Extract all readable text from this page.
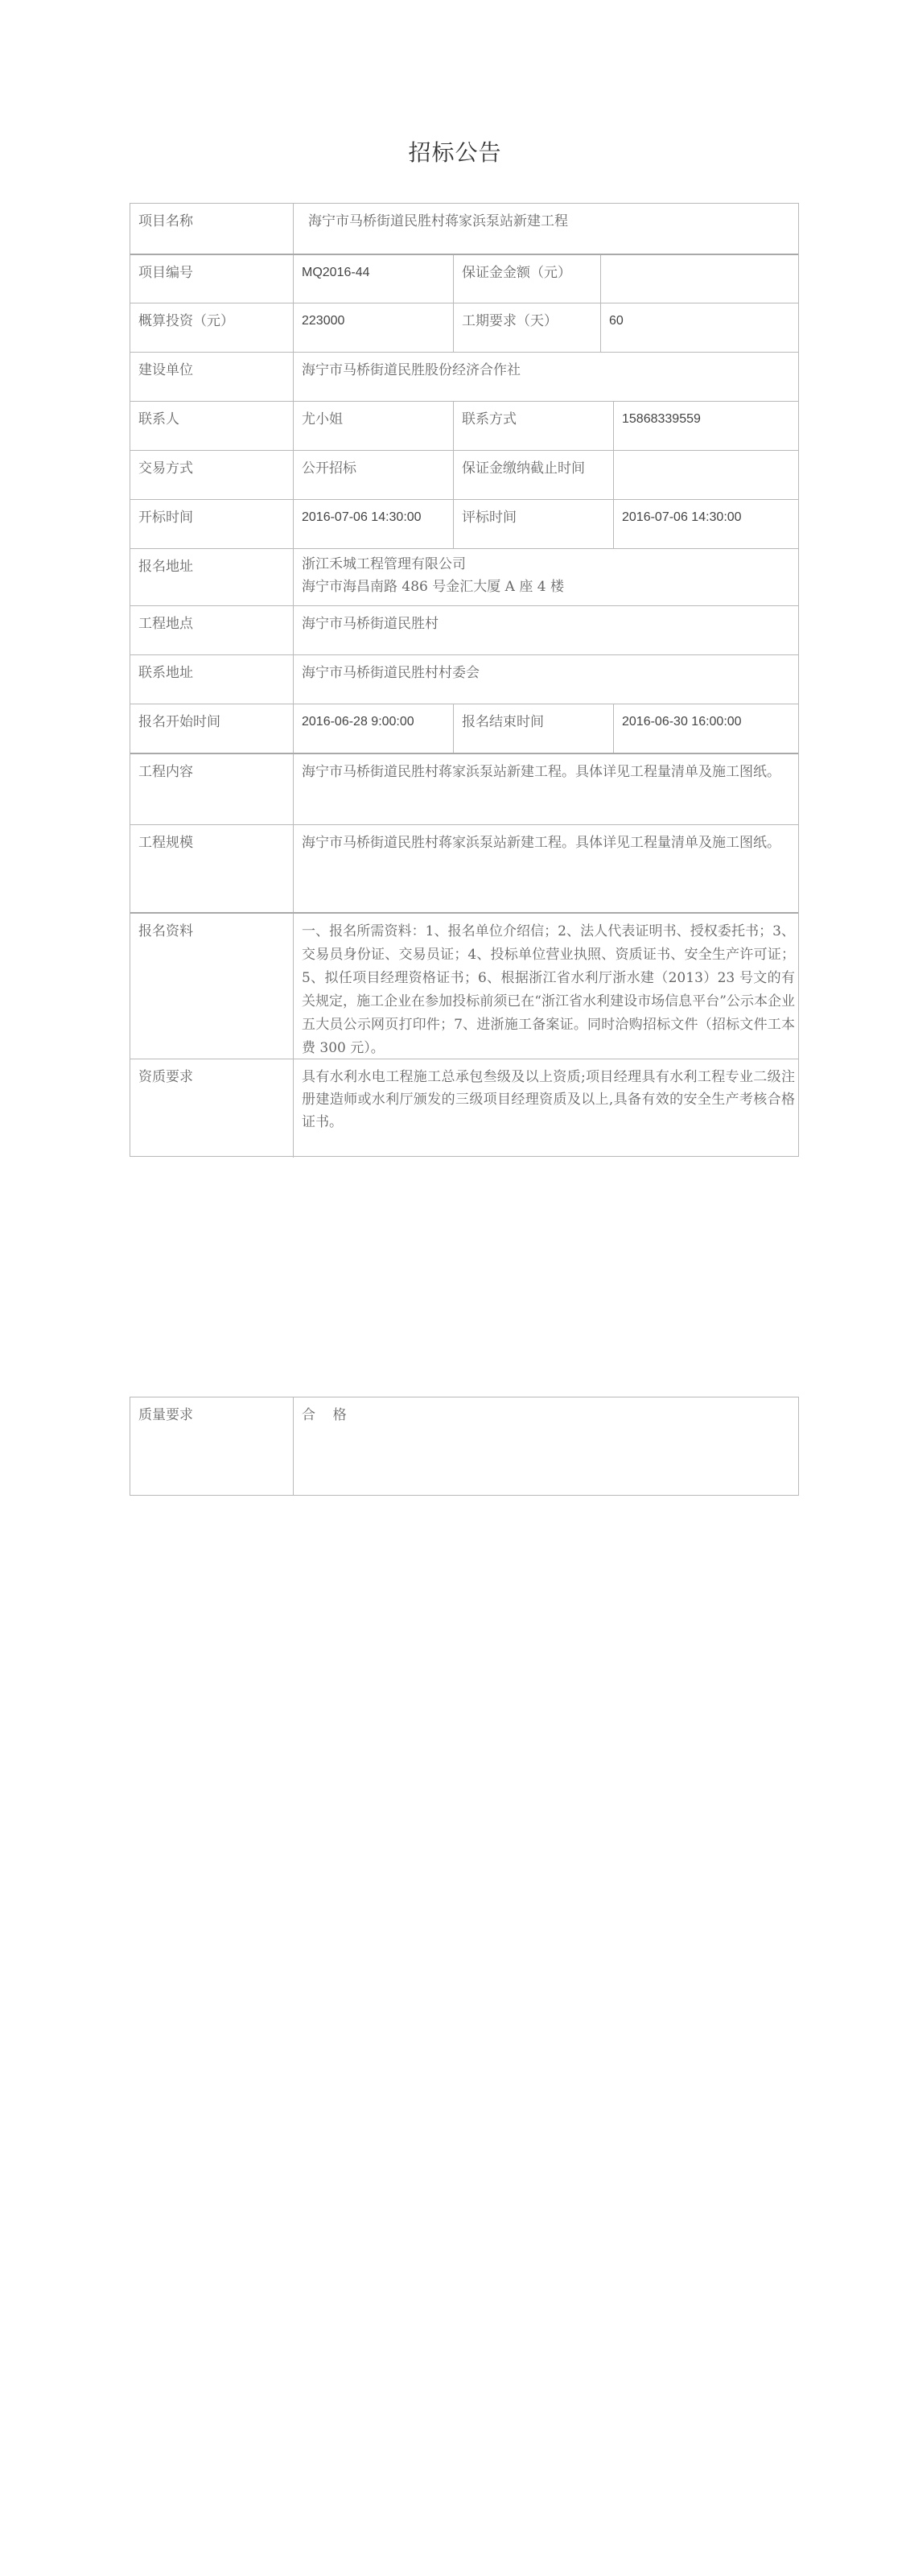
招标公告
项目名称	海宁市马桥街道民胜村蒋家浜泵站新建工程
项目编号	MQ2016-44	保证金金额（元）
概算投资（元）	223000	工期要求（天）	60
建设单位	海宁市马桥街道民胜股份经济合作社
联系人	尤小姐	联系方式	15868339559
交易方式	公开招标	保证金缴纳截止时间
开标时间	2016-07-06 14:30:00	评标时间	2016-07-06 14:30:00
报名地址	浙江禾城工程管理有限公司
海宁市海昌南路 486 号金汇大厦 A 座 4 楼
工程地点	海宁市马桥街道民胜村
联系地址	海宁市马桥街道民胜村村委会
报名开始时间	2016-06-28 9:00:00	报名结束时间	2016-06-30 16:00:00
工程内容	海宁市马桥街道民胜村蒋家浜泵站新建工程。具体详见工程量清单及施工图纸。
工程规模	海宁市马桥街道民胜村蒋家浜泵站新建工程。具体详见工程量清单及施工图纸。
报名资料	一、报名所需资料：1、报名单位介绍信；2、法人代表证明书、授权委托书；3、交易员身份证、交易员证；4、投标单位营业执照、资质证书、安全生产许可证；5、拟任项目经理资格证书；6、根据浙江省水利厅浙水建（2013）23 号文的有关规定，施工企业在参加投标前须已在“浙江省水利建设市场信息平台”公示本企业五大员公示网页打印件；7、进浙施工备案证。同时洽购招标文件（招标文件工本费 300 元）。
资质要求	具有水利水电工程施工总承包叁级及以上资质;项目经理具有水利工程专业二级注册建造师或水利厅颁发的三级项目经理资质及以上,具备有效的安全生产考核合格证书。
质量要求	合    格
